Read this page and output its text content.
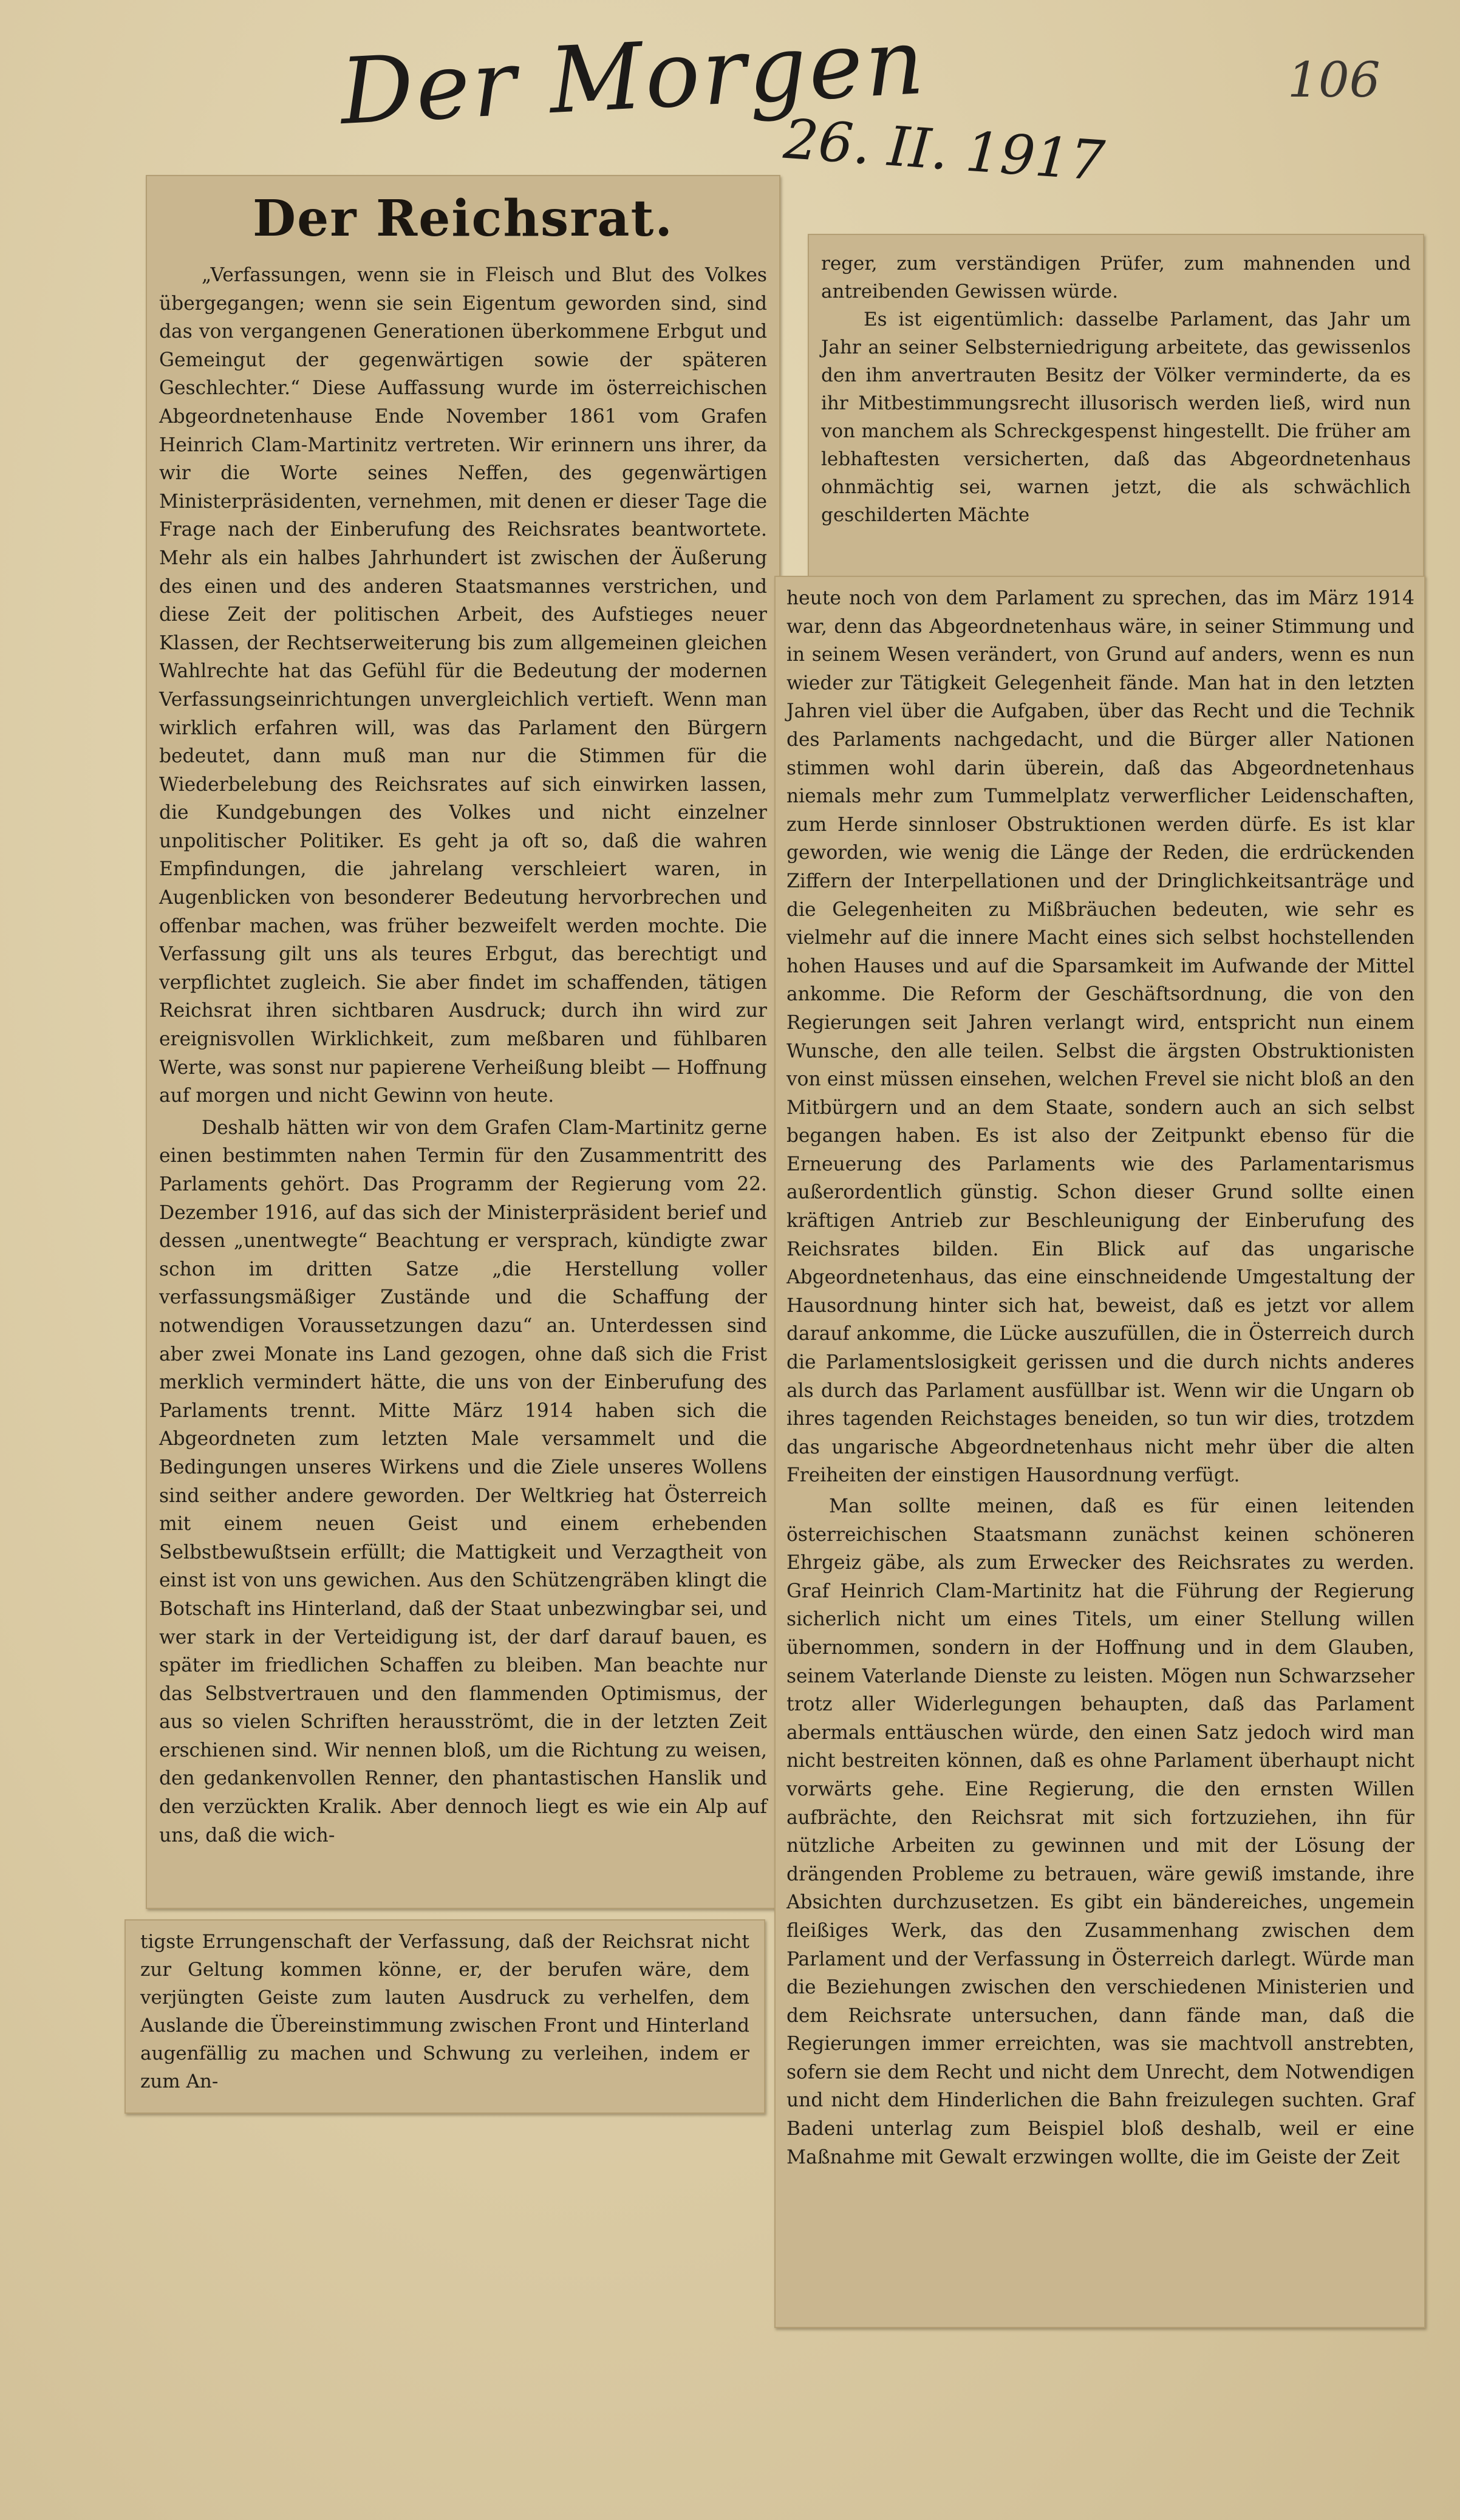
Der Morgen
26. II. 1917
106
Der Reichsrat.

„Verfassungen, wenn sie in Fleisch und Blut des Volkes übergegangen; wenn sie sein Eigentum geworden sind, sind das von vergangenen Generationen überkommene Erbgut und Gemeingut der gegenwärtigen sowie der späteren Geschlechter.“ Diese Auffassung wurde im österreichischen Abgeordnetenhause Ende November 1861 vom Grafen Heinrich Clam-Martinitz vertreten. Wir erinnern uns ihrer, da wir die Worte seines Neffen, des gegenwärtigen Ministerpräsidenten, vernehmen, mit denen er dieser Tage die Frage nach der Einberufung des Reichsrates beantwortete. Mehr als ein halbes Jahrhundert ist zwischen der Äußerung des einen und des anderen Staatsmannes verstrichen, und diese Zeit der politischen Arbeit, des Aufstieges neuer Klassen, der Rechtserweiterung bis zum allgemeinen gleichen Wahlrechte hat das Gefühl für die Bedeutung der modernen Verfassungseinrichtungen unvergleichlich vertieft. Wenn man wirklich erfahren will, was das Parlament den Bürgern bedeutet, dann muß man nur die Stimmen für die Wiederbelebung des Reichsrates auf sich einwirken lassen, die Kundgebungen des Volkes und nicht einzelner unpolitischer Politiker. Es geht ja oft so, daß die wahren Empfindungen, die jahrelang verschleiert waren, in Augenblicken von besonderer Bedeutung hervorbrechen und offenbar machen, was früher bezweifelt werden mochte. Die Verfassung gilt uns als teures Erbgut, das berechtigt und verpflichtet zugleich. Sie aber findet im schaffenden, tätigen Reichsrat ihren sichtbaren Ausdruck; durch ihn wird zur ereignisvollen Wirklichkeit, zum meßbaren und fühlbaren Werte, was sonst nur papierene Verheißung bleibt — Hoffnung auf morgen und nicht Gewinn von heute.

Deshalb hätten wir von dem Grafen Clam-Martinitz gerne einen bestimmten nahen Termin für den Zusammentritt des Parlaments gehört. Das Programm der Regierung vom 22. Dezember 1916, auf das sich der Ministerpräsident berief und dessen „unentwegte“ Beachtung er versprach, kündigte zwar schon im dritten Satze „die Herstellung voller verfassungsmäßiger Zustände und die Schaffung der notwendigen Voraussetzungen dazu“ an. Unterdessen sind aber zwei Monate ins Land gezogen, ohne daß sich die Frist merklich vermindert hätte, die uns von der Einberufung des Parlaments trennt. Mitte März 1914 haben sich die Abgeordneten zum letzten Male versammelt und die Bedingungen unseres Wirkens und die Ziele unseres Wollens sind seither andere geworden. Der Weltkrieg hat Österreich mit einem neuen Geist und einem erhebenden Selbstbewußtsein erfüllt; die Mattigkeit und Verzagtheit von einst ist von uns gewichen. Aus den Schützengräben klingt die Botschaft ins Hinterland, daß der Staat unbezwingbar sei, und wer stark in der Verteidigung ist, der darf darauf bauen, es später im friedlichen Schaffen zu bleiben. Man beachte nur das Selbstvertrauen und den flammenden Optimismus, der aus so vielen Schriften herausströmt, die in der letzten Zeit erschienen sind. Wir nennen bloß, um die Richtung zu weisen, den gedankenvollen Renner, den phantastischen Hanslik und den verzückten Kralik. Aber dennoch liegt es wie ein Alp auf uns, daß die wich-

tigste Errungenschaft der Verfassung, daß der Reichsrat nicht zur Geltung kommen könne, er, der berufen wäre, dem verjüngten Geiste zum lauten Ausdruck zu verhelfen, dem Auslande die Übereinstimmung zwischen Front und Hinterland augenfällig zu machen und Schwung zu verleihen, indem er zum An-

reger, zum verständigen Prüfer, zum mahnenden und antreibenden Gewissen würde.

Es ist eigentümlich: dasselbe Parlament, das Jahr um Jahr an seiner Selbsterniedrigung arbeitete, das gewissenlos den ihm anvertrauten Besitz der Völker verminderte, da es ihr Mitbestimmungsrecht illusorisch werden ließ, wird nun von manchem als Schreckgespenst hingestellt. Die früher am lebhaftesten versicherten, daß das Abgeordnetenhaus ohnmächtig sei, warnen jetzt, die als schwächlich geschilderten Mächte

heute noch von dem Parlament zu sprechen, das im März 1914 war, denn das Abgeordnetenhaus wäre, in seiner Stimmung und in seinem Wesen verändert, von Grund auf anders, wenn es nun wieder zur Tätigkeit Gelegenheit fände. Man hat in den letzten Jahren viel über die Aufgaben, über das Recht und die Technik des Parlaments nachgedacht, und die Bürger aller Nationen stimmen wohl darin überein, daß das Abgeordnetenhaus niemals mehr zum Tummelplatz verwerflicher Leidenschaften, zum Herde sinnloser Obstruktionen werden dürfe. Es ist klar geworden, wie wenig die Länge der Reden, die erdrückenden Ziffern der Interpellationen und der Dringlichkeitsanträge und die Gelegenheiten zu Mißbräuchen bedeuten, wie sehr es vielmehr auf die innere Macht eines sich selbst hochstellenden hohen Hauses und auf die Sparsamkeit im Aufwande der Mittel ankomme. Die Reform der Geschäftsordnung, die von den Regierungen seit Jahren verlangt wird, entspricht nun einem Wunsche, den alle teilen. Selbst die ärgsten Obstruktionisten von einst müssen einsehen, welchen Frevel sie nicht bloß an den Mitbürgern und an dem Staate, sondern auch an sich selbst begangen haben. Es ist also der Zeitpunkt ebenso für die Erneuerung des Parlaments wie des Parlamentarismus außerordentlich günstig. Schon dieser Grund sollte einen kräftigen Antrieb zur Beschleunigung der Einberufung des Reichsrates bilden. Ein Blick auf das ungarische Abgeordnetenhaus, das eine einschneidende Umgestaltung der Hausordnung hinter sich hat, beweist, daß es jetzt vor allem darauf ankomme, die Lücke auszufüllen, die in Österreich durch die Parlamentslosigkeit gerissen und die durch nichts anderes als durch das Parlament ausfüllbar ist. Wenn wir die Ungarn ob ihres tagenden Reichstages beneiden, so tun wir dies, trotzdem das ungarische Abgeordnetenhaus nicht mehr über die alten Freiheiten der einstigen Hausordnung verfügt.

Man sollte meinen, daß es für einen leitenden österreichischen Staatsmann zunächst keinen schöneren Ehrgeiz gäbe, als zum Erwecker des Reichsrates zu werden. Graf Heinrich Clam-Martinitz hat die Führung der Regierung sicherlich nicht um eines Titels, um einer Stellung willen übernommen, sondern in der Hoffnung und in dem Glauben, seinem Vaterlande Dienste zu leisten. Mögen nun Schwarzseher trotz aller Widerlegungen behaupten, daß das Parlament abermals enttäuschen würde, den einen Satz jedoch wird man nicht bestreiten können, daß es ohne Parlament überhaupt nicht vorwärts gehe. Eine Regierung, die den ernsten Willen aufbrächte, den Reichsrat mit sich fortzuziehen, ihn für nützliche Arbeiten zu gewinnen und mit der Lösung der drängenden Probleme zu betrauen, wäre gewiß imstande, ihre Absichten durchzusetzen. Es gibt ein bändereiches, ungemein fleißiges Werk, das den Zusammenhang zwischen dem Parlament und der Verfassung in Österreich darlegt. Würde man die Beziehungen zwischen den verschiedenen Ministerien und dem Reichsrate untersuchen, dann fände man, daß die Regierungen immer erreichten, was sie machtvoll anstrebten, sofern sie dem Recht und nicht dem Unrecht, dem Notwendigen und nicht dem Hinderlichen die Bahn freizulegen suchten. Graf Badeni unterlag zum Beispiel bloß deshalb, weil er eine Maßnahme mit Gewalt erzwingen wollte, die im Geiste der Zeit
